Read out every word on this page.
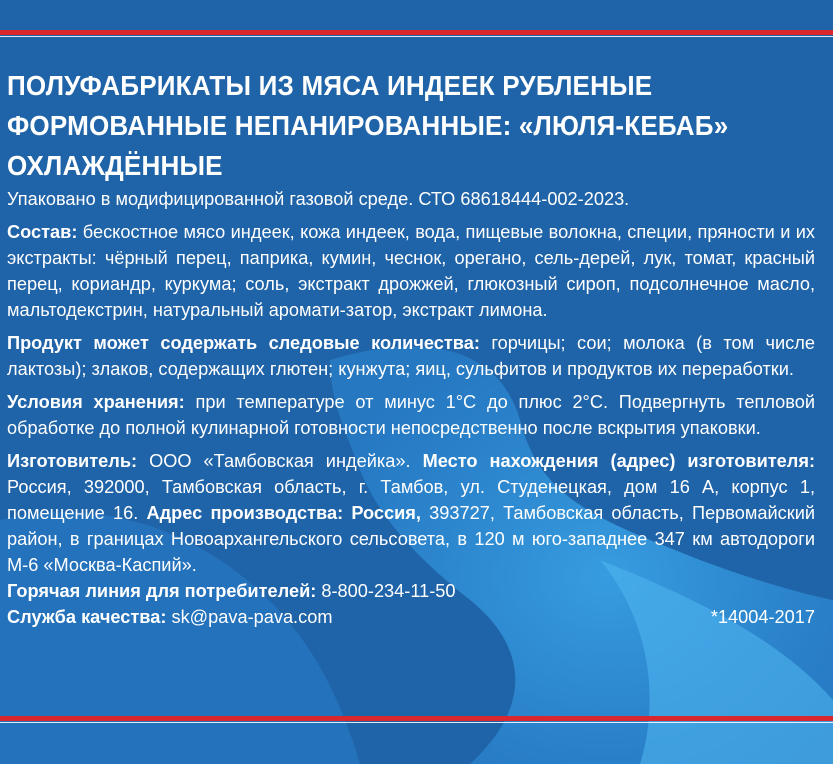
ПОЛУФАБРИКАТЫ ИЗ МЯСА ИНДЕЕК РУБЛЕНЫЕ
ФОРМОВАННЫЕ НЕПАНИРОВАННЫЕ: «ЛЮЛЯ-КЕБАБ»
ОХЛАЖДЁННЫЕ

Упаковано в модифицированной газовой среде. СТО 68618444-002-2023.

Состав: бескостное мясо индеек, кожа индеек, вода, пищевые волокна, специи, пряности и их экстракты: чёрный перец, паприка, кумин, чеснок, орегано, сель-дерей, лук, томат, красный перец, кориандр, куркума; соль, экстракт дрожжей, глюкозный сироп, подсолнечное масло, мальтодекстрин, натуральный аромати-затор, экстракт лимона.

Продукт может содержать следовые количества: горчицы; сои; молока (в том числе лактозы); злаков, содержащих глютен; кунжута; яиц, сульфитов и продуктов их переработки.

Условия хранения: при температуре от минус 1°С до плюс 2°С. Подвергнуть тепловой обработке до полной кулинарной готовности непосредственно после вскрытия упаковки.

Изготовитель: ООО «Тамбовская индейка». Место нахождения (адрес) изготовителя: Россия, 392000, Тамбовская область, г. Тамбов, ул. Студенецкая, дом 16 А, корпус 1, помещение 16. Адрес производства: Россия, 393727, Тамбовская область, Первомайский район, в границах Новоархангельского сельсовета, в 120 м юго-западнее 347 км автодороги М-6 «Москва-Каспий».

Горячая линия для потребителей: 8-800-234-11-50

Служба качества: sk@pava-pava.com	*14004-2017
